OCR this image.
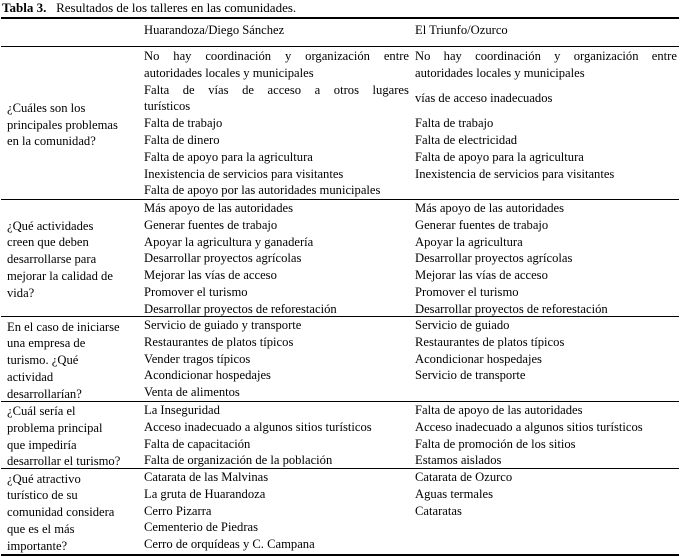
Tabla 3. Resultados de los talleres en las comunidades.
Huarandoza/Diego Sánchez	El Triunfo/Ozurco
¿Cuáles son los
principales problemas
en la comunidad?
No hay coordinación y organización entre
autoridades locales y municipales
Falta de vías de acceso a otros lugares
turísticos
Falta de trabajo
Falta de dinero
Falta de apoyo para la agricultura
Inexistencia de servicios para visitantes
Falta de apoyo por las autoridades municipales
No hay coordinación y organización entre
autoridades locales y municipales
vías de acceso inadecuados
Falta de trabajo
Falta de electricidad
Falta de apoyo para la agricultura
Inexistencia de servicios para visitantes
¿Qué actividades
creen que deben
desarrollarse para
mejorar la calidad de
vida?
Más apoyo de las autoridades
Generar fuentes de trabajo
Apoyar la agricultura y ganadería
Desarrollar proyectos agrícolas
Mejorar las vías de acceso
Promover el turismo
Desarrollar proyectos de reforestación
Más apoyo de las autoridades
Generar fuentes de trabajo
Apoyar la agricultura
Desarrollar proyectos agrícolas
Mejorar las vías de acceso
Promover el turismo
Desarrollar proyectos de reforestación
En el caso de iniciarse
una empresa de
turismo. ¿Qué
actividad
desarrollarían?
Servicio de guiado y transporte
Restaurantes de platos típicos
Vender tragos típicos
Acondicionar hospedajes
Venta de alimentos
Servicio de guiado
Restaurantes de platos típicos
Acondicionar hospedajes
Servicio de transporte
¿Cuál sería el
problema principal
que impediría
desarrollar el turismo?
La Inseguridad
Acceso inadecuado a algunos sitios turísticos
Falta de capacitación
Falta de organización de la población
Falta de apoyo de las autoridades
Acceso inadecuado a algunos sitios turísticos
Falta de promoción de los sitios
Estamos aislados
¿Qué atractivo
turístico de su
comunidad considera
que es el más
importante?
Catarata de las Malvinas
La gruta de Huarandoza
Cerro Pizarra
Cementerio de Piedras
Cerro de orquídeas y C. Campana
Catarata de Ozurco
Aguas termales
Cataratas
